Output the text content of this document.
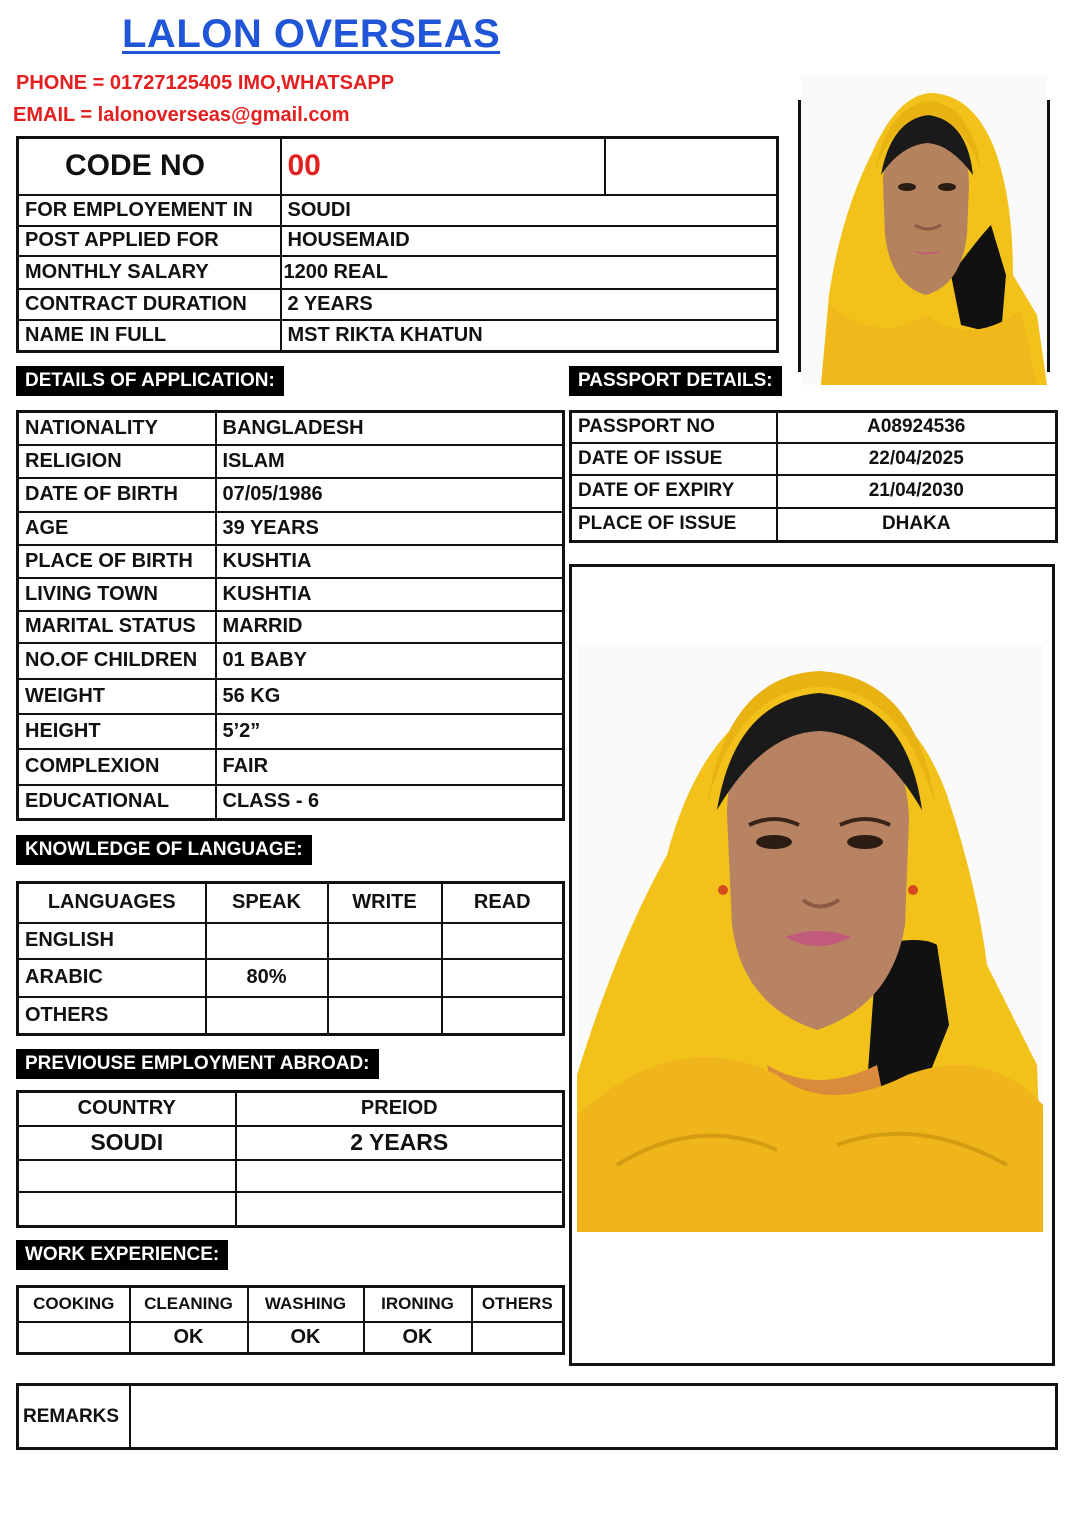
LALON OVERSEAS
PHONE = 01727125405 IMO,WHATSAPP
EMAIL = lalonoverseas@gmail.com
CODE NO	00	
FOR EMPLOYEMENT IN	SOUDI	
POST APPLIED FOR	HOUSEMAID	
MONTHLY SALARY	1200 REAL	
CONTRACT DURATION	2 YEARS	
NAME IN FULL	MST RIKTA KHATUN	
DETAILS OF APPLICATION:	PASSPORT DETAILS:
NATIONALITY	BANGLADESH
RELIGION	ISLAM
DATE OF BIRTH	07/05/1986
AGE	39 YEARS
PLACE OF BIRTH	KUSHTIA
LIVING TOWN	KUSHTIA
MARITAL STATUS	MARRID
NO.OF CHILDREN	01 BABY
WEIGHT	56 KG
HEIGHT	5’2”
COMPLEXION	FAIR
EDUCATIONAL	CLASS - 6
PASSPORT NO	A08924536
DATE OF ISSUE	22/04/2025
DATE OF EXPIRY	21/04/2030
PLACE OF ISSUE	DHAKA
KNOWLEDGE OF LANGUAGE:
LANGUAGES	SPEAK	WRITE	READ
ENGLISH			
ARABIC	80%		
OTHERS			
PREVIOUSE EMPLOYMENT ABROAD:
COUNTRY	PREIOD
SOUDI	2 YEARS

WORK EXPERIENCE:
COOKING	CLEANING	WASHING	IRONING	OTHERS
	OK	OK	OK	
REMARKS	
